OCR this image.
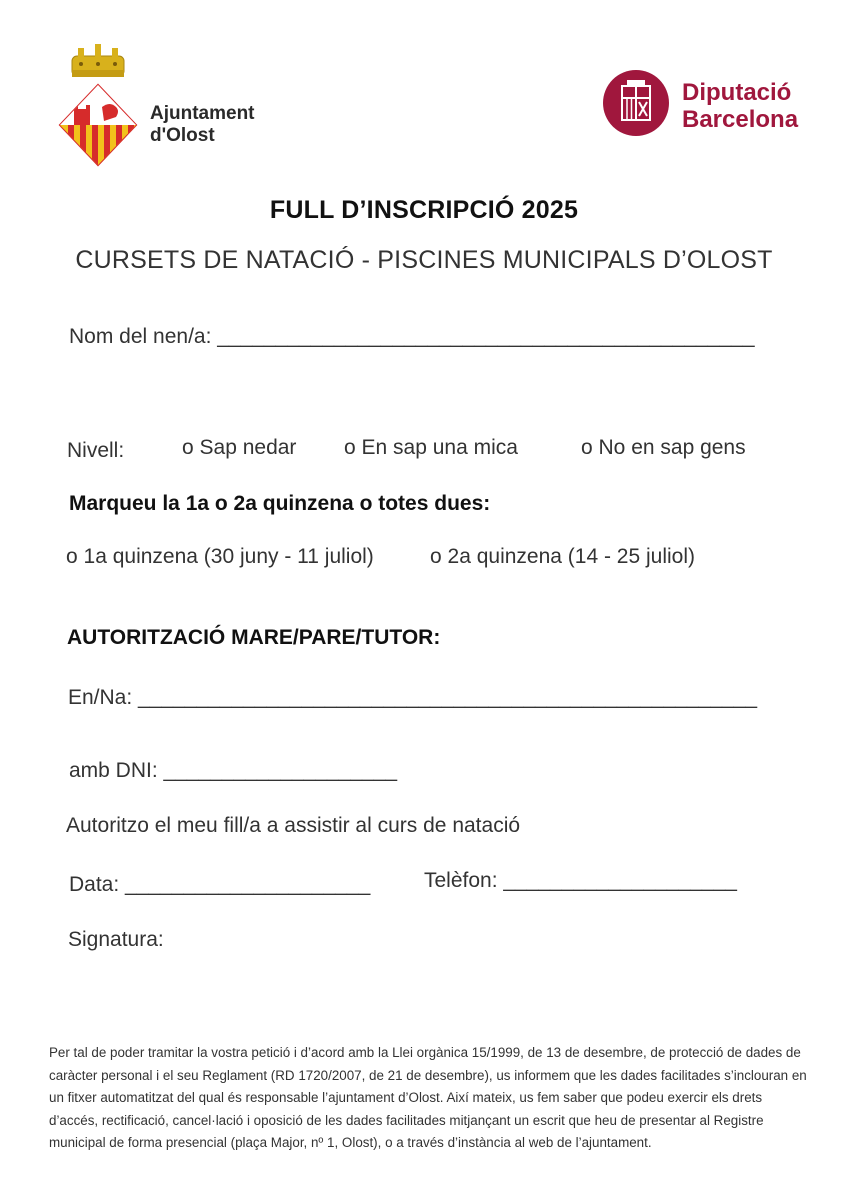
Ajuntament d'Olost
Diputació
Barcelona
FULL D’INSCRIPCIÓ 2025
CURSETS DE NATACIÓ - PISCINES MUNICIPALS D’OLOST
Nom del nen/a: ______________________________________________
Nivell:	o Sap nedar o En sap una mica	o No en sap gens
Marqueu la 1a o 2a quinzena o totes dues:
o 1a quinzena (30 juny - 11 juliol)	o 2a quinzena (14 - 25 juliol)
AUTORITZACIÓ MARE/PARE/TUTOR:
En/Na: _____________________________________________________
amb DNI: ____________________
Autoritzo el meu fill/a a assistir al curs de natació
Data: _____________________	Telèfon: ____________________
Signatura:
Per tal de poder tramitar la vostra petició i d’acord amb la Llei orgànica 15/1999, de 13 de desembre, de protecció de dades de caràcter personal i el seu Reglament (RD 1720/2007, de 21 de desembre), us informem que les dades facilitades s’inclouran en un fitxer automatitzat del qual és responsable l’ajuntament d’Olost. Així mateix, us fem saber que podeu exercir els drets d’accés, rectificació, cancel·lació i oposició de les dades facilitades mitjançant un escrit que heu de presentar al Registre municipal de forma presencial (plaça Major, nº 1, Olost), o a través d’instància al web de l’ajuntament.
